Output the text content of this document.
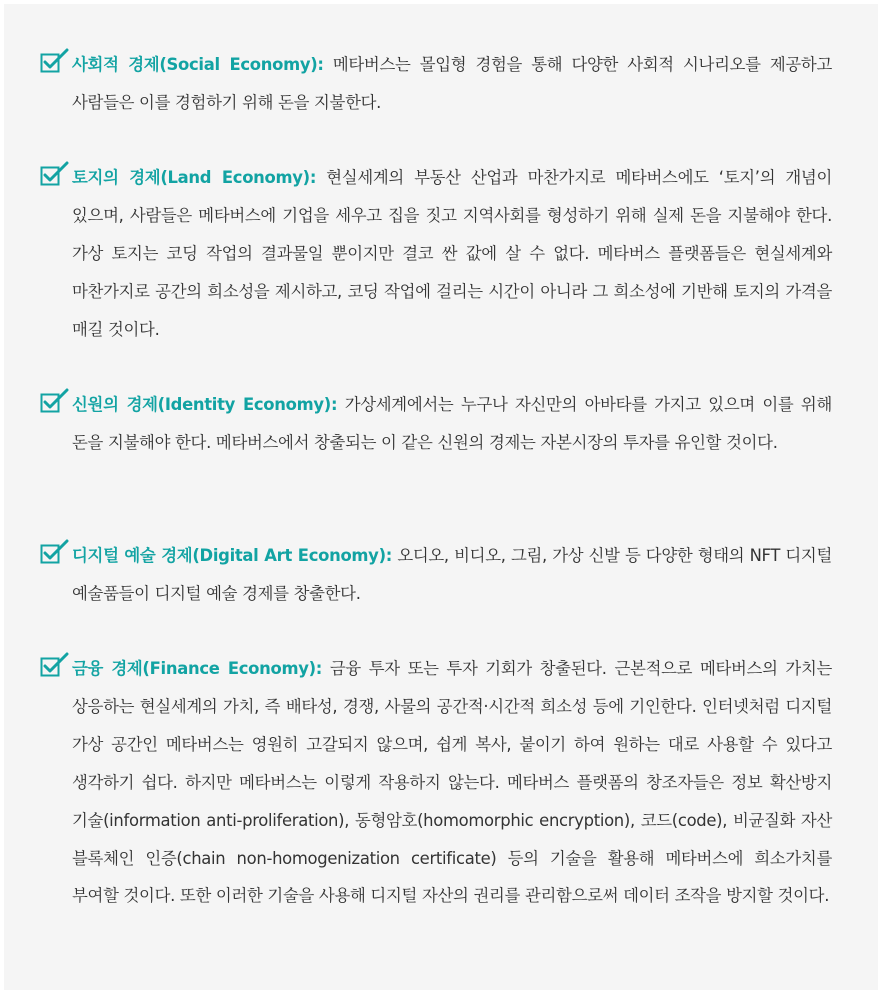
사회적 경제(Social Economy): 메타버스는 몰입형 경험을 통해 다양한 사회적 시나리오를 제공하고 사람들은 이를 경험하기 위해 돈을 지불한다.

토지의 경제(Land Economy): 현실세계의 부동산 산업과 마찬가지로 메타버스에도 ‘토지’의 개념이 있으며, 사람들은 메타버스에 기업을 세우고 집을 짓고 지역사회를 형성하기 위해 실제 돈을 지불해야 한다. 가상 토지는 코딩 작업의 결과물일 뿐이지만 결코 싼 값에 살 수 없다. 메타버스 플랫폼들은 현실세계와 마찬가지로 공간의 희소성을 제시하고, 코딩 작업에 걸리는 시간이 아니라 그 희소성에 기반해 토지의 가격을 매길 것이다.

신원의 경제(Identity Economy): 가상세계에서는 누구나 자신만의 아바타를 가지고 있으며 이를 위해 돈을 지불해야 한다. 메타버스에서 창출되는 이 같은 신원의 경제는 자본시장의 투자를 유인할 것이다.

디지털 예술 경제(Digital Art Economy): 오디오, 비디오, 그림, 가상 신발 등 다양한 형태의 NFT 디지털 예술품들이 디지털 예술 경제를 창출한다.

금융 경제(Finance Economy): 금융 투자 또는 투자 기회가 창출된다. 근본적으로 메타버스의 가치는 상응하는 현실세계의 가치, 즉 배타성, 경쟁, 사물의 공간적·시간적 희소성 등에 기인한다. 인터넷처럼 디지털 가상 공간인 메타버스는 영원히 고갈되지 않으며, 쉽게 복사, 붙이기 하여 원하는 대로 사용할 수 있다고 생각하기 쉽다. 하지만 메타버스는 이렇게 작용하지 않는다. 메타버스 플랫폼의 창조자들은 정보 확산방지 기술(information anti-proliferation), 동형암호(homomorphic encryption), 코드(code), 비균질화 자산 블록체인 인증(chain non-homogenization certificate) 등의 기술을 활용해 메타버스에 희소가치를 부여할 것이다. 또한 이러한 기술을 사용해 디지털 자산의 권리를 관리함으로써 데이터 조작을 방지할 것이다.
